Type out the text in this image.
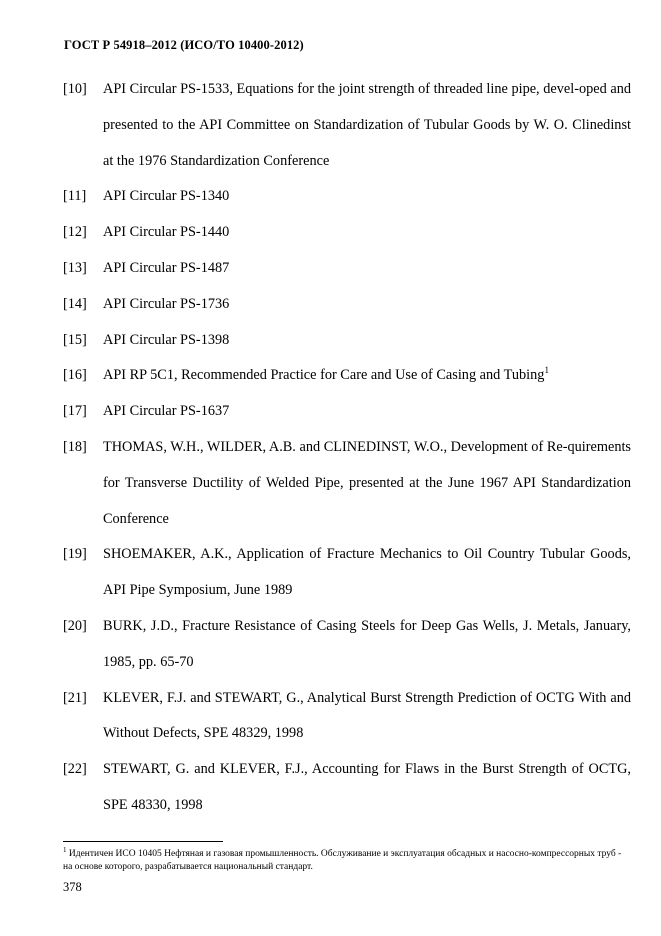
ГОСТ Р 54918–2012 (ИСО/ТО 10400-2012)
[10]	API Circular PS-1533, Equations for the joint strength of threaded line pipe, devel-oped and presented to the API Committee on Standardization of Tubular Goods by W. O. Clinedinst at the 1976 Standardization Conference
[11]	API Circular PS-1340
[12]	API Circular PS-1440
[13]	API Circular PS-1487
[14]	API Circular PS-1736
[15]	API Circular PS-1398
[16]	API RP 5C1, Recommended Practice for Care and Use of Casing and Tubing$^1$
[17]	API Circular PS-1637
[18]	THOMAS, W.H., WILDER, A.B. and CLINEDINST, W.O., Development of Re-quirements for Transverse Ductility of Welded Pipe, presented at the June 1967 API Standardization Conference
[19]	SHOEMAKER, A.K., Application of Fracture Mechanics to Oil Country Tubular Goods, API Pipe Symposium, June 1989
[20]	BURK, J.D., Fracture Resistance of Casing Steels for Deep Gas Wells, J. Metals, January, 1985, pp. 65-70
[21]	KLEVER, F.J. and STEWART, G., Analytical Burst Strength Prediction of OCTG With and Without Defects, SPE 48329, 1998
[22]	STEWART, G. and KLEVER, F.J., Accounting for Flaws in the Burst Strength of OCTG, SPE 48330, 1998
$^1$ Идентичен ИСО 10405 Нефтяная и газовая промышленность. Обслуживание и эксплуатация обсадных и насосно-компрессорных труб - на основе которого, разрабатывается национальный стандарт.
378
